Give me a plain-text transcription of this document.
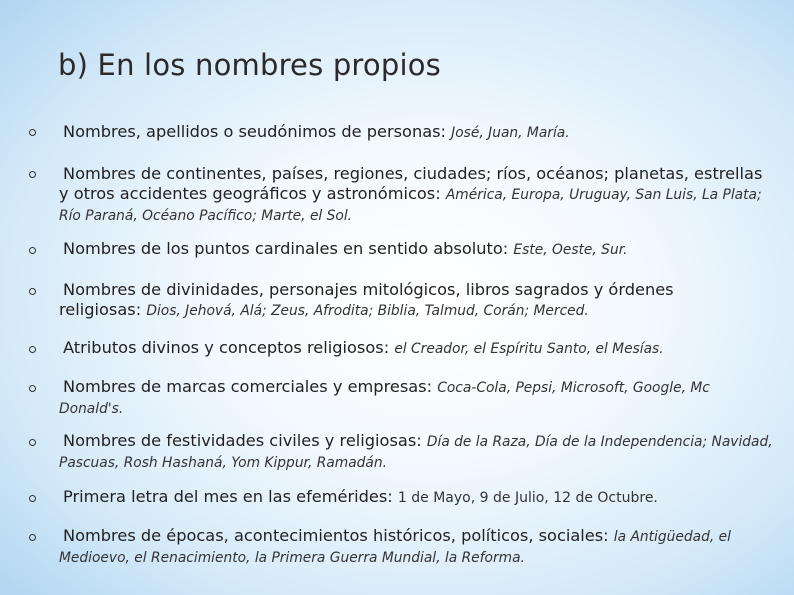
b) En los nombres propios
Nombres, apellidos o seudónimos de personas: José, Juan, María.
Nombres de continentes, países, regiones, ciudades; ríos, océanos; planetas, estrellas y otros accidentes geográficos y astronómicos: América, Europa, Uruguay, San Luis, La Plata; Río Paraná, Océano Pacífico; Marte, el Sol.
Nombres de los puntos cardinales en sentido absoluto: Este, Oeste, Sur.
Nombres de divinidades, personajes mitológicos, libros sagrados y órdenes religiosas: Dios, Jehová, Alá; Zeus, Afrodita; Biblia, Talmud, Corán; Merced.
Atributos divinos y conceptos religiosos: el Creador, el Espíritu Santo, el Mesías.
Nombres de marcas comerciales y empresas: Coca-Cola, Pepsi, Microsoft, Google, Mc Donald's.
Nombres de festividades civiles y religiosas: Día de la Raza, Día de la Independencia; Navidad, Pascuas, Rosh Hashaná, Yom Kippur, Ramadán.
Primera letra del mes en las efemérides: 1 de Mayo, 9 de Julio, 12 de Octubre.
Nombres de épocas, acontecimientos históricos, políticos, sociales: la Antigüedad, el Medioevo, el Renacimiento, la Primera Guerra Mundial, la Reforma.
